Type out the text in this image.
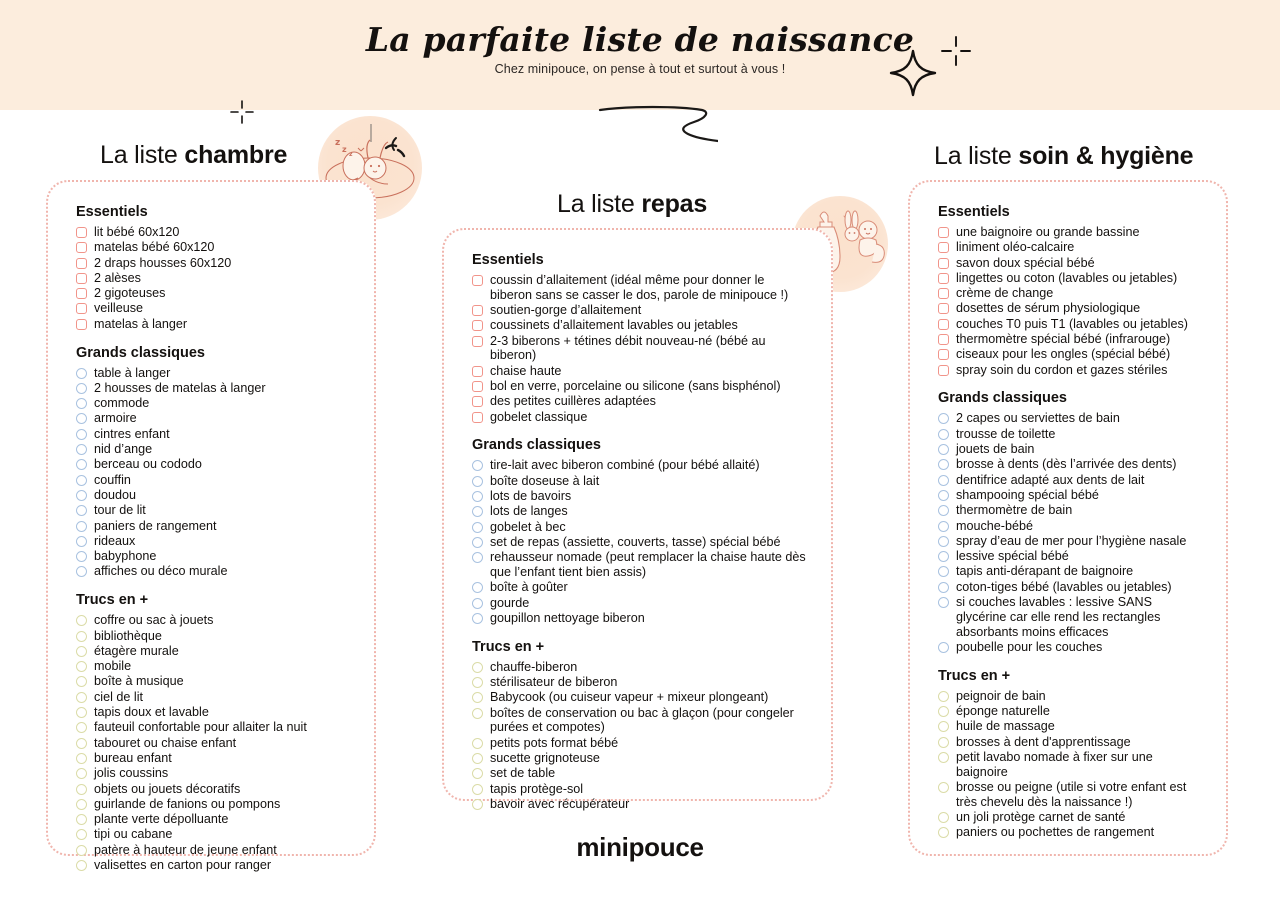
La parfaite liste de naissance
Chez minipouce, on pense à tout et surtout à vous !
z
z
z
La liste chambre
La liste repas
La liste soin & hygiène
Essentiels
lit bébé 60x120
matelas bébé 60x120
2 draps housses 60x120
2 alèses
2 gigoteuses
veilleuse
matelas à langer
Grands classiques
table à langer
2 housses de matelas à langer
commode
armoire
cintres enfant
nid d’ange
berceau ou cododo
couffin
doudou
tour de lit
paniers de rangement
rideaux
babyphone
affiches ou déco murale
Trucs en +
coffre ou sac à jouets
bibliothèque
étagère murale
mobile
boîte à musique
ciel de lit
tapis doux et lavable
fauteuil confortable pour allaiter la nuit
tabouret ou chaise enfant
bureau enfant
jolis coussins
objets ou jouets décoratifs
guirlande de fanions ou pompons
plante verte dépolluante
tipi ou cabane
patère à hauteur de jeune enfant
valisettes en carton pour ranger
Essentiels
coussin d’allaitement (idéal même pour donner le biberon sans se casser le dos, parole de minipouce !)
soutien-gorge d’allaitement
coussinets d’allaitement lavables ou jetables
2-3 biberons + tétines débit nouveau-né (bébé au biberon)
chaise haute
bol en verre, porcelaine ou silicone (sans bisphénol)
des petites cuillères adaptées
gobelet classique
Grands classiques
tire-lait avec biberon combiné (pour bébé allaité)
boîte doseuse à lait
lots de bavoirs
lots de langes
gobelet à bec
set de repas (assiette, couverts, tasse) spécial bébé
rehausseur nomade (peut remplacer la chaise haute dès que l’enfant tient bien assis)
boîte à goûter
gourde
goupillon nettoyage biberon
Trucs en +
chauffe-biberon
stérilisateur de biberon
Babycook (ou cuiseur vapeur + mixeur plongeant)
boîtes de conservation ou bac à glaçon (pour congeler purées et compotes)
petits pots format bébé
sucette grignoteuse
set de table
tapis protège-sol
bavoir avec récupérateur
Essentiels
une baignoire ou grande bassine
liniment oléo-calcaire
savon doux spécial bébé
lingettes ou coton (lavables ou jetables)
crème de change
dosettes de sérum physiologique
couches T0 puis T1 (lavables ou jetables)
thermomètre spécial bébé (infrarouge)
ciseaux pour les ongles (spécial bébé)
spray soin du cordon et gazes stériles
Grands classiques
2 capes ou serviettes de bain
trousse de toilette
jouets de bain
brosse à dents (dès l’arrivée des dents)
dentifrice adapté aux dents de lait
shampooing spécial bébé
thermomètre de bain
mouche-bébé
spray d’eau de mer pour l’hygiène nasale
lessive spécial bébé
tapis anti-dérapant de baignoire
coton-tiges bébé (lavables ou jetables)
si couches lavables : lessive SANS glycérine car elle rend les rectangles absorbants moins efficaces
poubelle pour les couches
Trucs en +
peignoir de bain
éponge naturelle
huile de massage
brosses à dent d'apprentissage
petit lavabo nomade à fixer sur une baignoire
brosse ou peigne (utile si votre enfant est très chevelu dès la naissance !)
un joli protège carnet de santé
paniers ou pochettes de rangement
minipouce
